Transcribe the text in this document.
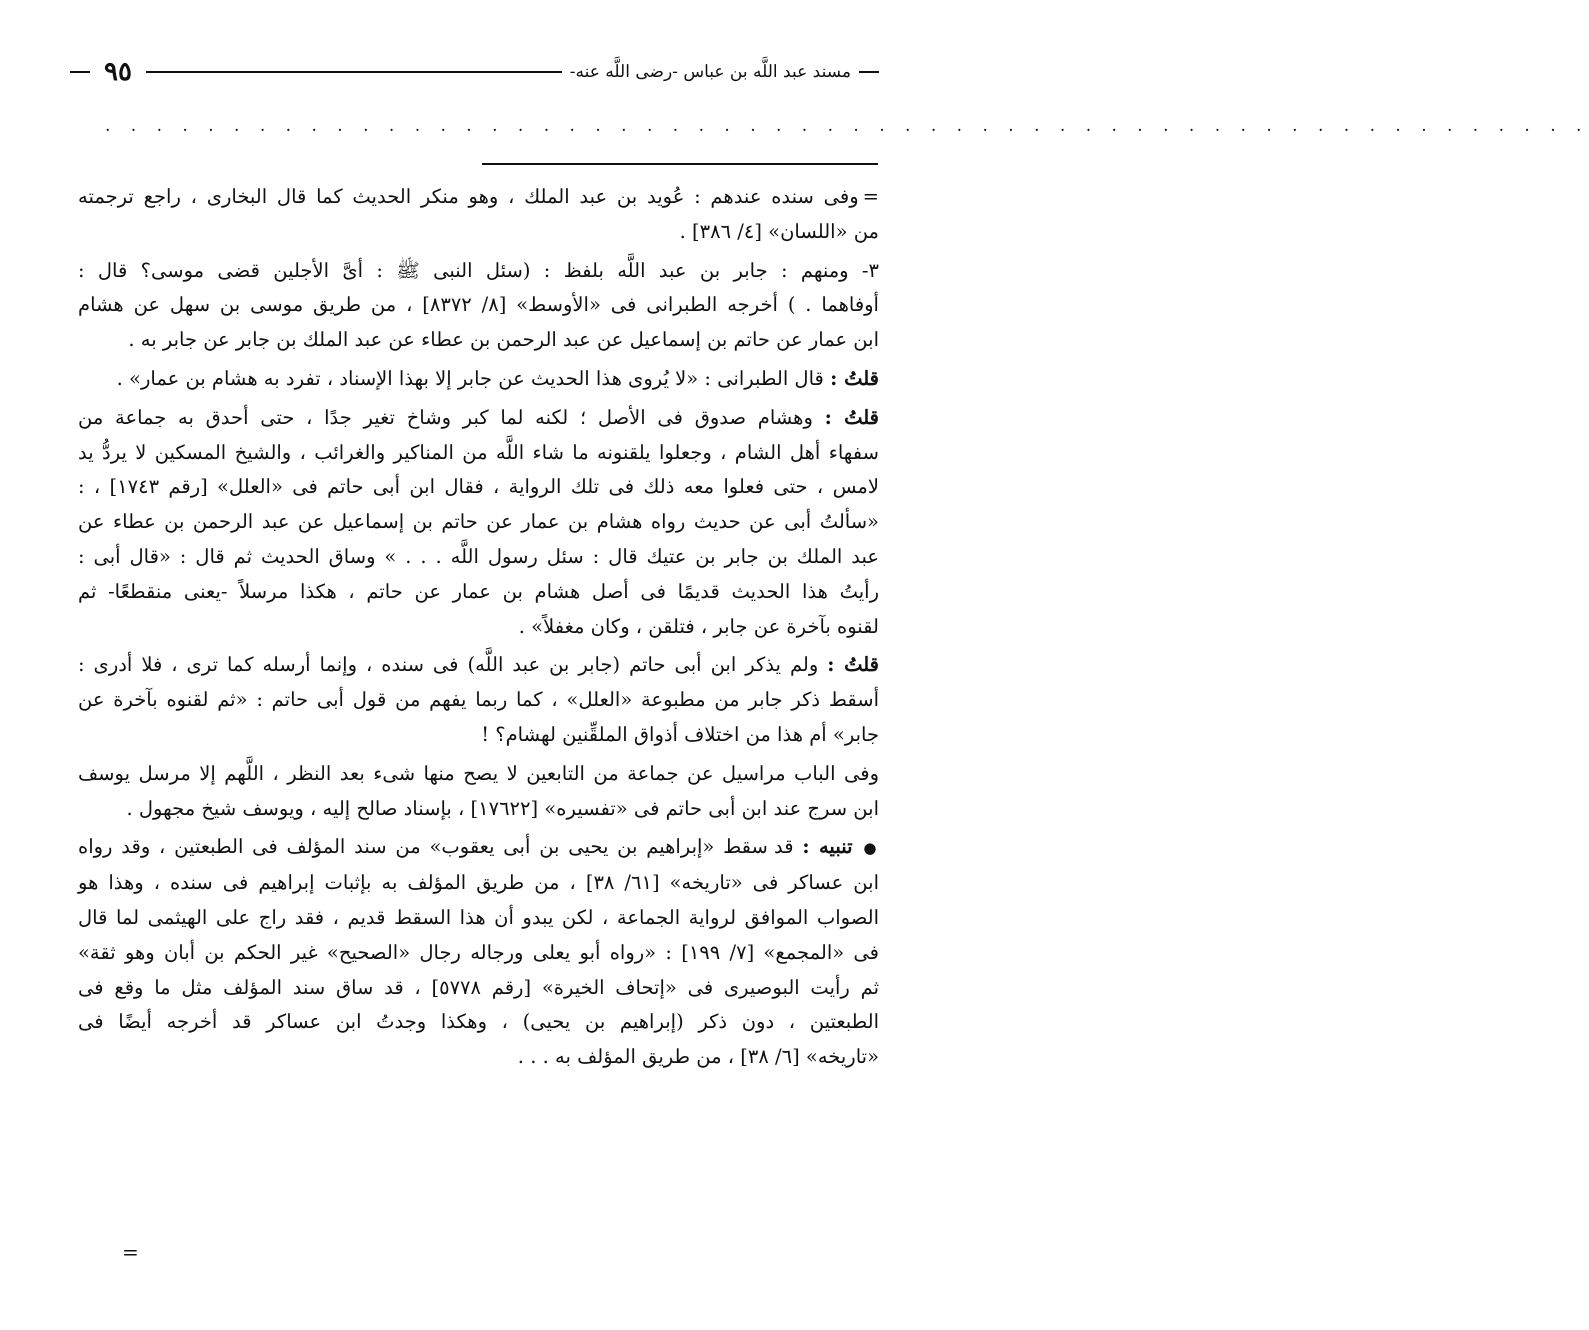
مسند عبد اللَّه بن عباس -رضى اللَّه عنه-
٩٥
. . . . . . . . . . . . . . . . . . . . . . . . . . . . . . . . . . . . . . . . . . . . . . . . . . . . . . . . . .

=وفى سنده عندهم : عُويد بن عبد الملك ، وهو منكر الحديث كما قال البخارى ، راجع ترجمته
من «اللسان» [٤/ ٣٨٦] .

٣- ومنهم : جابر بن عبد اللَّه بلفظ : (سئل النبى ﷺ : أىَّ الأجلين قضى موسى؟ قال :
أوفاهما . ) أخرجه الطبرانى فى «الأوسط» [٨/ ٨٣٧٢] ، من طريق موسى بن سهل عن هشام
ابن عمار عن حاتم بن إسماعيل عن عبد الرحمن بن عطاء عن عبد الملك بن جابر عن جابر به .

قلتُ : قال الطبرانى : «لا يُروى هذا الحديث عن جابر إلا بهذا الإسناد ، تفرد به هشام بن عمار» .

قلتُ : وهشام صدوق فى الأصل ؛ لكنه لما كبر وشاخ تغير جدًا ، حتى أحدق به جماعة من
سفهاء أهل الشام ، وجعلوا يلقنونه ما شاء اللَّه من المناكير والغرائب ، والشيخ المسكين لا يردُّ يد
لامس ، حتى فعلوا معه ذلك فى تلك الرواية ، فقال ابن أبى حاتم فى «العلل» [رقم ١٧٤٣] ، :
«سألتُ أبى عن حديث رواه هشام بن عمار عن حاتم بن إسماعيل عن عبد الرحمن بن عطاء عن
عبد الملك بن جابر بن عتيك قال : سئل رسول اللَّه . . . » وساق الحديث ثم قال : «قال أبى :
رأيتُ هذا الحديث قديمًا فى أصل هشام بن عمار عن حاتم ، هكذا مرسلاً -يعنى منقطعًا- ثم
لقنوه بآخرة عن جابر ، فتلقن ، وكان مغفلاً» .

قلتُ : ولم يذكر ابن أبى حاتم (جابر بن عبد اللَّه) فى سنده ، وإنما أرسله كما ترى ، فلا أدرى :
أسقط ذكر جابر من مطبوعة «العلل» ، كما ربما يفهم من قول أبى حاتم : «ثم لقنوه بآخرة عن
جابر» أم هذا من اختلاف أذواق الملقِّنين لهشام؟ !

وفى الباب مراسيل عن جماعة من التابعين لا يصح منها شىء بعد النظر ، اللَّهم إلا مرسل يوسف
ابن سرج عند ابن أبى حاتم فى «تفسيره» [١٧٦٢٢] ، بإسناد صالح إليه ، ويوسف شيخ مجهول .

● تنبيه : قد سقط «إبراهيم بن يحيى بن أبى يعقوب» من سند المؤلف فى الطبعتين ، وقد رواه
ابن عساكر فى «تاريخه» [٦١/ ٣٨] ، من طريق المؤلف به بإثبات إبراهيم فى سنده ، وهذا هو
الصواب الموافق لرواية الجماعة ، لكن يبدو أن هذا السقط قديم ، فقد راج على الهيثمى لما قال
فى «المجمع» [٧/ ١٩٩] : «رواه أبو يعلى ورجاله رجال «الصحيح» غير الحكم بن أبان وهو ثقة»
ثم رأيت البوصيرى فى «إتحاف الخيرة» [رقم ٥٧٧٨] ، قد ساق سند المؤلف مثل ما وقع فى
الطبعتين ، دون ذكر (إبراهيم بن يحيى) ، وهكذا وجدتُ ابن عساكر قد أخرجه أيضًا فى
«تاريخه» [٦/ ٣٨] ، من طريق المؤلف به . . .

=
